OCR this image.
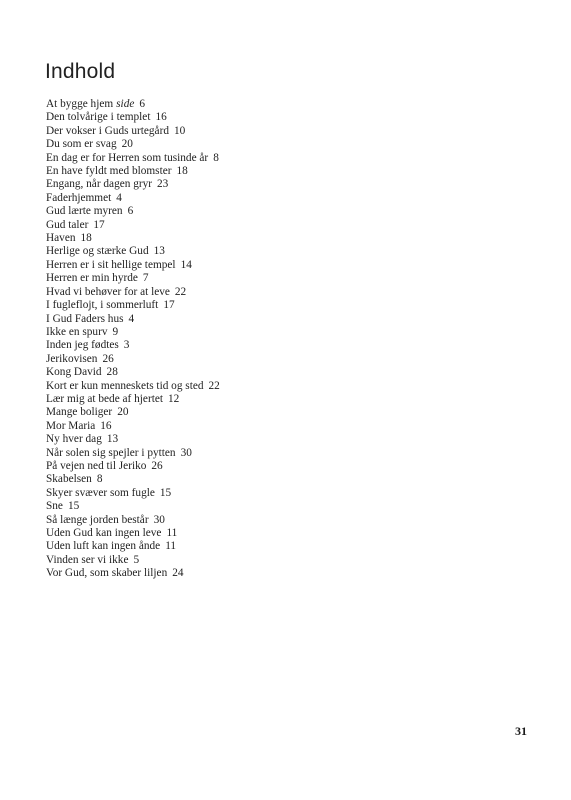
Indhold
At bygge hjem side 6
Den tolvårige i templet 16
Der vokser i Guds urtegård 10
Du som er svag 20
En dag er for Herren som tusinde år 8
En have fyldt med blomster 18
Engang, når dagen gryr 23
Faderhjemmet 4
Gud lærte myren 6
Gud taler 17
Haven 18
Herlige og stærke Gud 13
Herren er i sit hellige tempel 14
Herren er min hyrde 7
Hvad vi behøver for at leve 22
I fugleflojt, i sommerluft 17
I Gud Faders hus 4
Ikke en spurv 9
Inden jeg fødtes 3
Jerikovisen 26
Kong David 28
Kort er kun menneskets tid og sted 22
Lær mig at bede af hjertet 12
Mange boliger 20
Mor Maria 16
Ny hver dag 13
Når solen sig spejler i pytten 30
På vejen ned til Jeriko 26
Skabelsen 8
Skyer svæver som fugle 15
Sne 15
Så længe jorden består 30
Uden Gud kan ingen leve 11
Uden luft kan ingen ånde 11
Vinden ser vi ikke 5
Vor Gud, som skaber liljen 24
31
